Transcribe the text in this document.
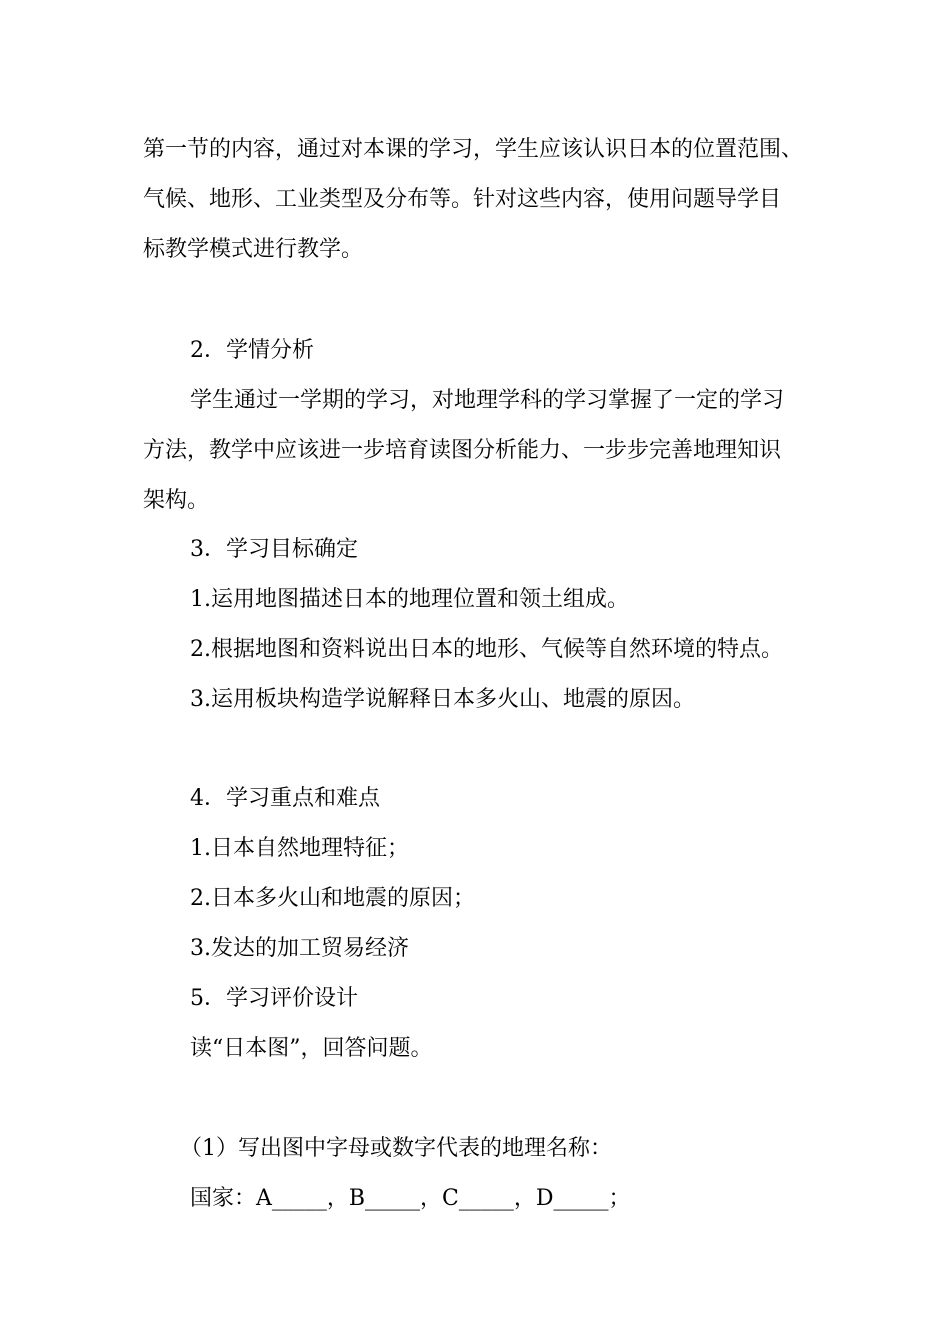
第一节的内容，通过对本课的学习，学生应该认识日本的位置范围、
气候、地形、工业类型及分布等。针对这些内容，使用问题导学目
标教学模式进行教学。
2．学情分析
学生通过一学期的学习，对地理学科的学习掌握了一定的学习
方法，教学中应该进一步培育读图分析能力、一步步完善地理知识
架构。
3．学习目标确定
1.运用地图描述日本的地理位置和领土组成。
2.根据地图和资料说出日本的地形、气候等自然环境的特点。
3.运用板块构造学说解释日本多火山、地震的原因。
4．学习重点和难点
1.日本自然地理特征；
2.日本多火山和地震的原因；
3.发达的加工贸易经济
5．学习评价设计
读“日本图”，回答问题。
（1）写出图中字母或数字代表的地理名称：
国家：A_____，B_____，C_____，D_____；
